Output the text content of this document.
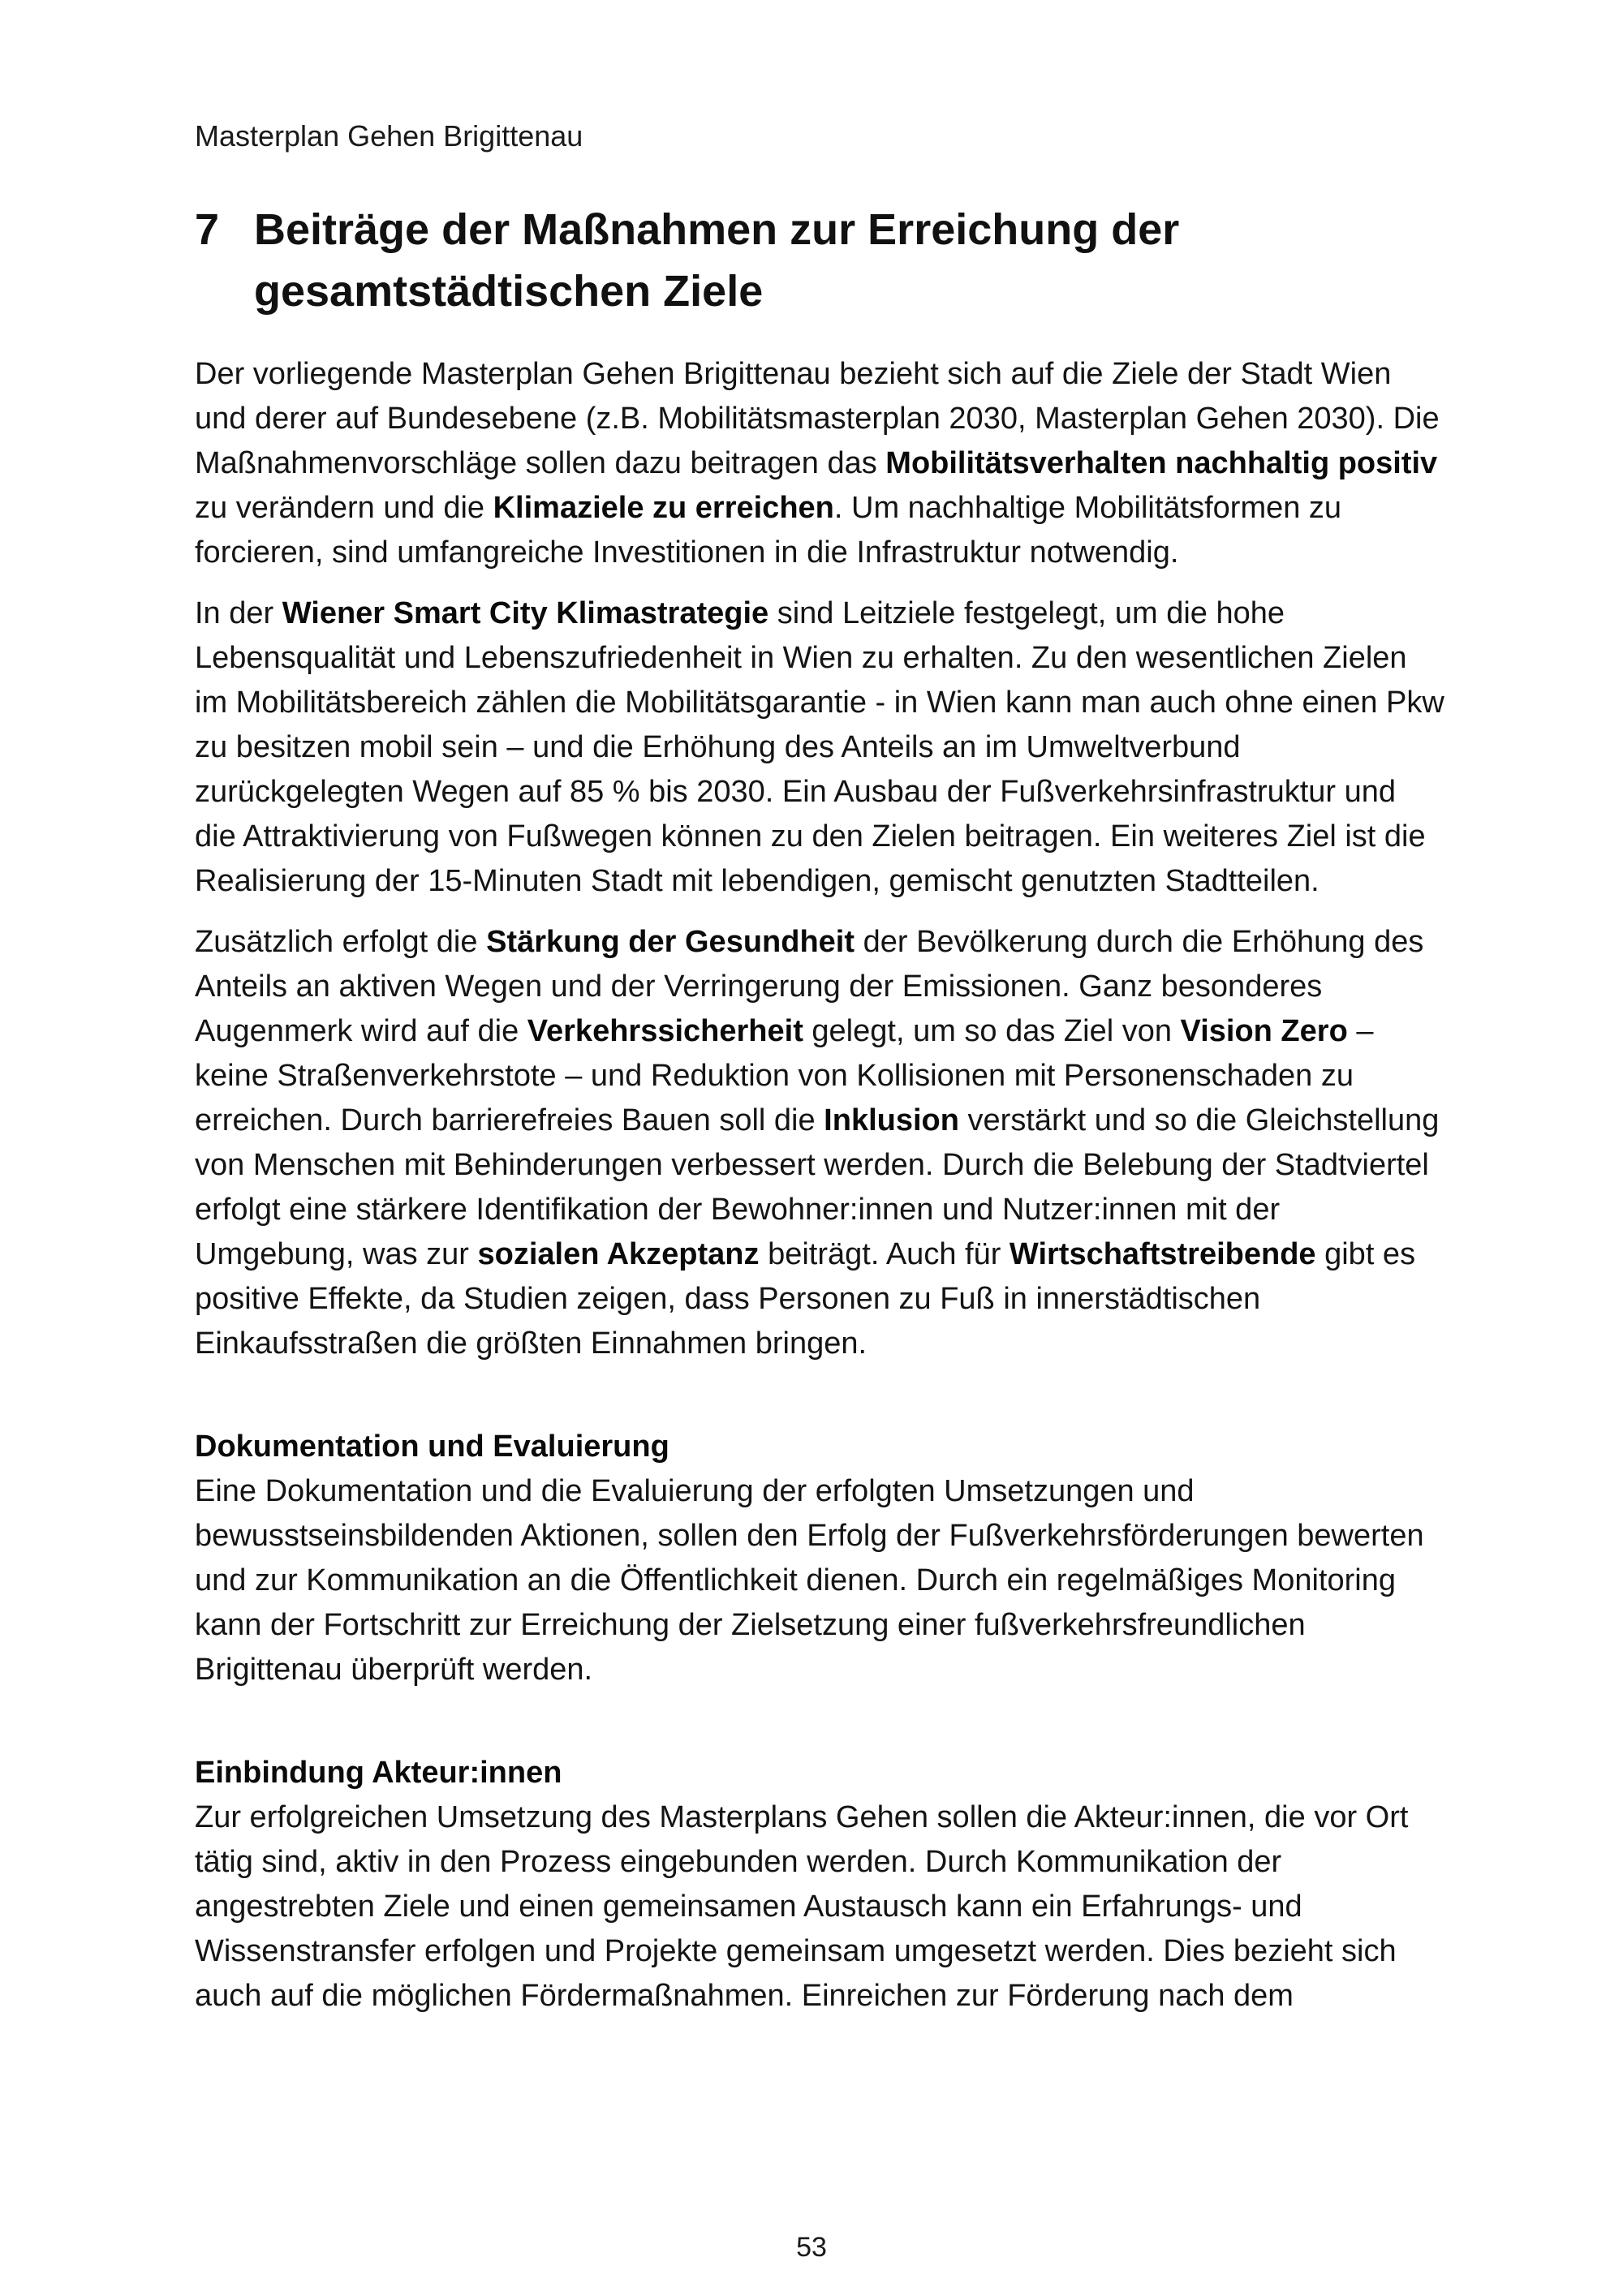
Masterplan Gehen Brigittenau
7 Beiträge der Maßnahmen zur Erreichung der gesamtstädtischen Ziele

Der vorliegende Masterplan Gehen Brigittenau bezieht sich auf die Ziele der Stadt Wien und derer auf Bundesebene (z.B. Mobilitätsmasterplan 2030, Masterplan Gehen 2030). Die Maßnahmenvorschläge sollen dazu beitragen das Mobilitätsverhalten nachhaltig positiv zu verändern und die Klimaziele zu erreichen. Um nachhaltige Mobilitätsformen zu forcieren, sind umfangreiche Investitionen in die Infrastruktur notwendig.

In der Wiener Smart City Klimastrategie sind Leitziele festgelegt, um die hohe Lebensqualität und Lebenszufriedenheit in Wien zu erhalten. Zu den wesentlichen Zielen im Mobilitätsbereich zählen die Mobilitätsgarantie - in Wien kann man auch ohne einen Pkw zu besitzen mobil sein – und die Erhöhung des Anteils an im Umweltverbund zurückgelegten Wegen auf 85 % bis 2030. Ein Ausbau der Fußverkehrsinfrastruktur und die Attraktivierung von Fußwegen können zu den Zielen beitragen. Ein weiteres Ziel ist die Realisierung der 15-Minuten Stadt mit lebendigen, gemischt genutzten Stadtteilen.

Zusätzlich erfolgt die Stärkung der Gesundheit der Bevölkerung durch die Erhöhung des Anteils an aktiven Wegen und der Verringerung der Emissionen. Ganz besonderes Augenmerk wird auf die Verkehrssicherheit gelegt, um so das Ziel von Vision Zero – keine Straßenverkehrstote – und Reduktion von Kollisionen mit Personenschaden zu erreichen. Durch barrierefreies Bauen soll die Inklusion verstärkt und so die Gleichstellung von Menschen mit Behinderungen verbessert werden. Durch die Belebung der Stadtviertel erfolgt eine stärkere Identifikation der Bewohner:innen und Nutzer:innen mit der Umgebung, was zur sozialen Akzeptanz beiträgt. Auch für Wirtschaftstreibende gibt es positive Effekte, da Studien zeigen, dass Personen zu Fuß in innerstädtischen Einkaufsstraßen die größten Einnahmen bringen.

Dokumentation und Evaluierung

Eine Dokumentation und die Evaluierung der erfolgten Umsetzungen und bewusstseinsbildenden Aktionen, sollen den Erfolg der Fußverkehrsförderungen bewerten und zur Kommunikation an die Öffentlichkeit dienen. Durch ein regelmäßiges Monitoring kann der Fortschritt zur Erreichung der Zielsetzung einer fußverkehrsfreundlichen Brigittenau überprüft werden.

Einbindung Akteur:innen

Zur erfolgreichen Umsetzung des Masterplans Gehen sollen die Akteur:innen, die vor Ort tätig sind, aktiv in den Prozess eingebunden werden. Durch Kommunikation der angestrebten Ziele und einen gemeinsamen Austausch kann ein Erfahrungs- und Wissenstransfer erfolgen und Projekte gemeinsam umgesetzt werden. Dies bezieht sich auch auf die möglichen Fördermaßnahmen. Einreichen zur Förderung nach dem

53
